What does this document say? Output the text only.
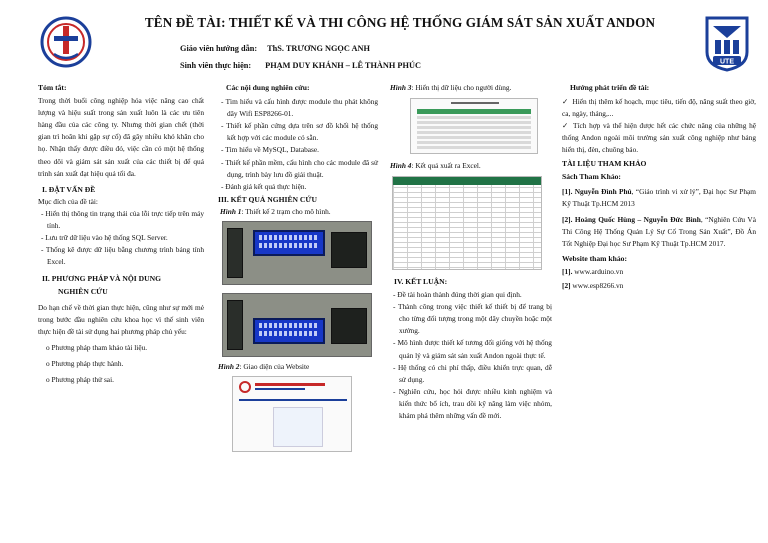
TÊN ĐỀ TÀI: THIẾT KẾ VÀ THI CÔNG HỆ THỐNG GIÁM SÁT SẢN XUẤT ANDON
Giáo viên hướng dẫn: ThS. TRƯƠNG NGỌC ANH
Sinh viên thực hiện: PHẠM DUY KHÁNH – LÊ THÀNH PHÚC	UTE
Tóm tắt:

Trong thời buổi công nghiệp hóa việc nâng cao chất lượng và hiệu suất trong sản xuất luôn là các ưu tiên hàng đầu của các công ty. Nhưng thời gian chết (thời gian trì hoãn khi gặp sự cố) đã gây nhiều khó khăn cho họ. Nhận thấy được điều đó, việc cần có một hệ thống theo dõi và giám sát sản xuất của các thiết bị để quá trình sản xuất đạt hiệu quả tối đa.

I. ĐẶT VẤN ĐỀ
Mục đích của đề tài:
- Hiển thị thông tin trạng thái của lỗi trực tiếp trên máy tính.
- Lưu trữ dữ liệu vào hệ thống SQL Server.
- Thống kê được dữ liệu bằng chương trình bảng tính Excel.
II. PHƯƠNG PHÁP VÀ NỘI DUNG
NGHIÊN CỨU

Do hạn chế về thời gian thực hiện, cũng như sự mới mẻ trong bước đầu nghiên cứu khoa học vì thế sinh viên thực hiện đề tài sử dụng hai phương pháp chủ yếu:

o Phương pháp tham khảo tài liệu.
o Phương pháp thực hành.
o Phương pháp thử sai.
Các nội dung nghiên cứu:
- Tìm hiểu và cấu hình được module thu phát không dây Wifi ESP8266-01.
- Thiết kế phần cứng dựa trên sơ đồ khối hệ thống kết hợp với các module có sẵn.
- Tìm hiểu về MySQL, Database.
- Thiết kế phần mềm, cấu hình cho các module đã sử dụng, trình bày lưu đồ giải thuật.
- Đánh giá kết quả thực hiện.
III. KẾT QUẢ NGHIÊN CỨU
Hình 1: Thiết kế 2 trạm cho mô hình.
Hình 2: Giao diện của Website
Hình 3: Hiển thị dữ liệu cho người dùng.
Hình 4: Kết quả xuất ra Excel.
IV. KẾT LUẬN:
- Đề tài hoàn thành đúng thời gian qui định.
- Thành công trong việc thiết kế thiết bị để trang bị cho từng đối tượng trong một dây chuyền hoặc một xưởng.
- Mô hình được thiết kế tương đối giống với hệ thống quản lý và giám sát sản xuất Andon ngoài thực tế.
- Hệ thống có chi phí thấp, điều khiển trực quan, dễ sử dụng.
- Nghiên cứu, học hỏi được nhiều kinh nghiệm và kiến thức bổ ích, trau dồi kỹ năng làm việc nhóm, khám phá thêm những vấn đề mới.
Hướng phát triển đề tài:
✓ Hiển thị thêm kế hoạch, mục tiêu, tiến độ, năng suất theo giờ, ca, ngày, tháng,...
✓ Tích hợp và thể hiện được hết các chức năng của những hệ thống Andon ngoài môi trường sản xuất công nghiệp như bảng hiển thị, đèn, chuông báo.
TÀI LIỆU THAM KHẢO
Sách Tham Khảo:

[1]. Nguyễn Đình Phú, “Giáo trình vi xử lý”, Đại học Sư Phạm Kỹ Thuật Tp.HCM 2013

[2]. Hoàng Quốc Hùng – Nguyễn Đức Bình, “Nghiên Cứu Và Thi Công Hệ Thống Quản Lý Sự Cố Trong Sản Xuất”, Đồ Án Tốt Nghiệp Đại học Sư Phạm Kỹ Thuật Tp.HCM 2017.

Website tham khảo:
[1]. www.arduino.vn
[2] www.esp8266.vn
